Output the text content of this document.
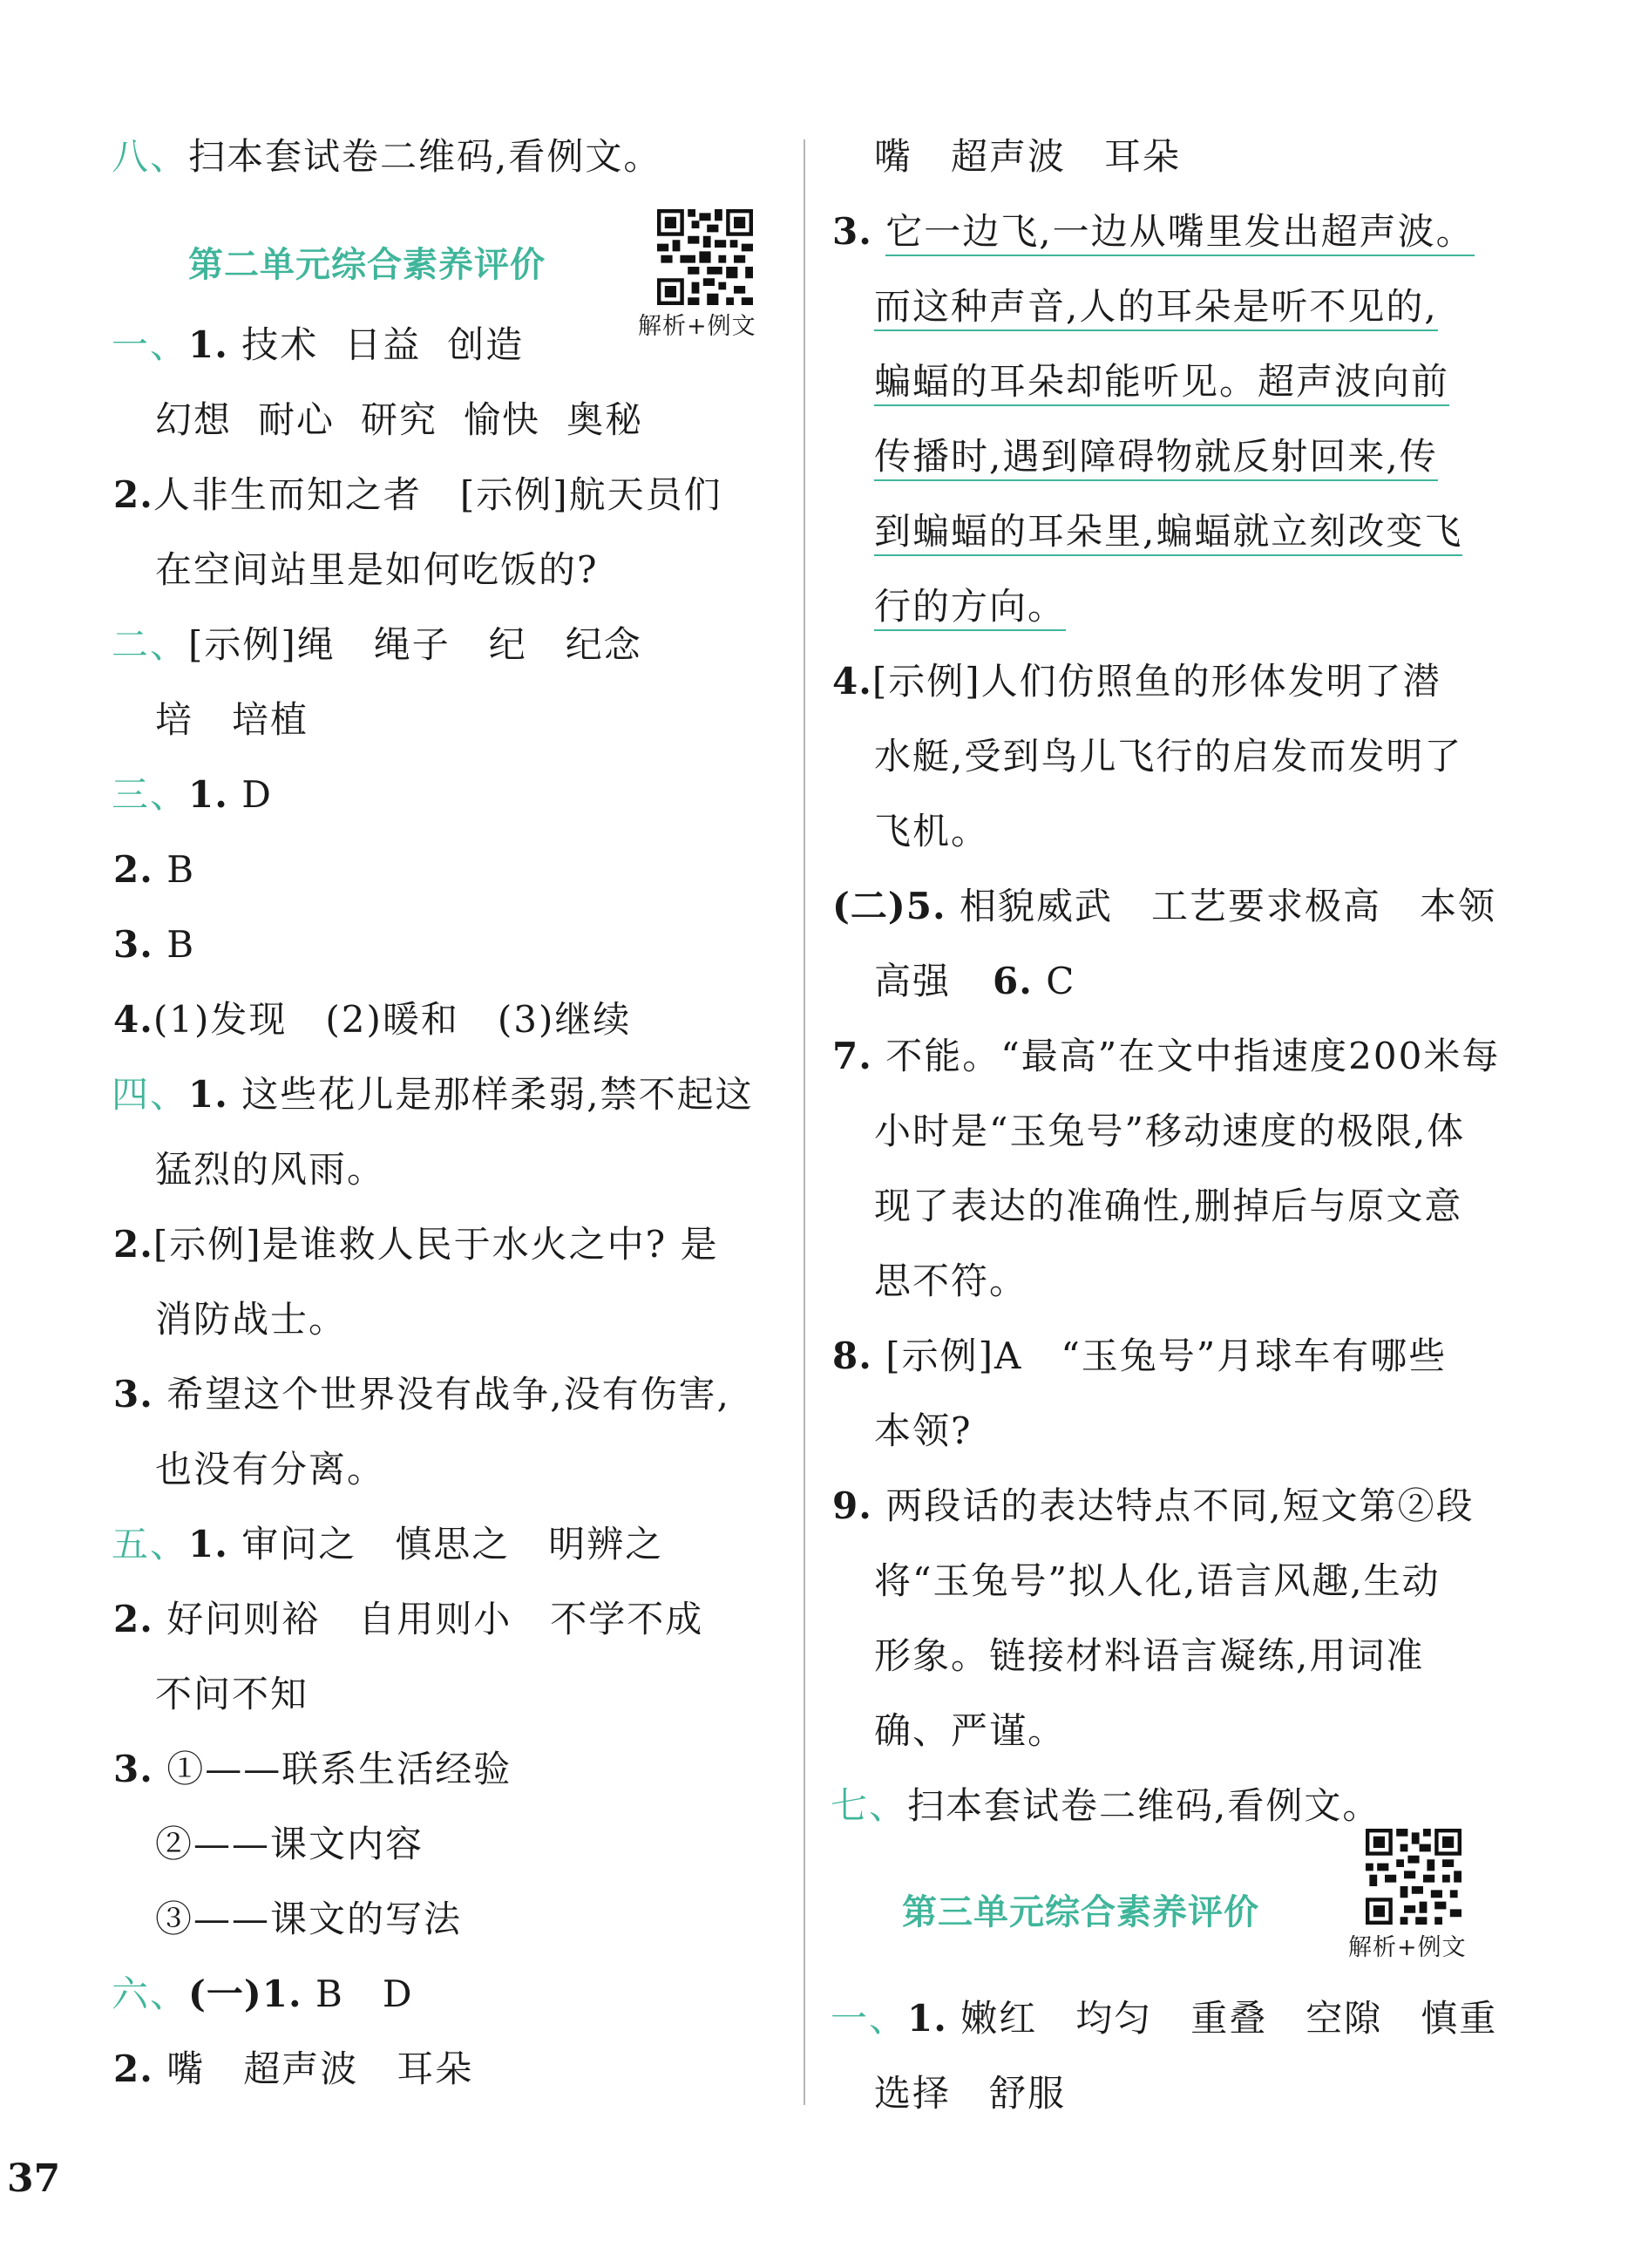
八、扫本套试卷二维码,看例文。
第二单元综合素养评价
解析+例文
一、1. 技术 日益 创造
幻想 耐心 研究 愉快 奥秘
2.人非生而知之者　[示例]航天员们
在空间站里是如何吃饭的?
二、[示例]绳　绳子　纪　纪念
培　培植
三、1. D
2. B
3. B
4.(1)发现　(2)暖和　(3)继续
四、1. 这些花儿是那样柔弱,禁不起这
猛烈的风雨。
2.[示例]是谁救人民于水火之中? 是
消防战士。
3. 希望这个世界没有战争,没有伤害,
也没有分离。
五、1. 审问之　慎思之　明辨之
2. 好问则裕　自用则小　不学不成
不问不知
3. ①——联系生活经验
②——课文内容
③——课文的写法
六、(一)1. B　D
2. 嘴　超声波　耳朵
嘴　超声波　耳朵
3. 它一边飞,一边从嘴里发出超声波。
而这种声音,人的耳朵是听不见的,
蝙蝠的耳朵却能听见。超声波向前
传播时,遇到障碍物就反射回来,传
到蝙蝠的耳朵里,蝙蝠就立刻改变飞
行的方向。
4.[示例]人们仿照鱼的形体发明了潜
水艇,受到鸟儿飞行的启发而发明了
飞机。
(二)5. 相貌威武　工艺要求极高　本领
高强 6. C
7. 不能。“最高”在文中指速度200米每
小时是“玉兔号”移动速度的极限,体
现了表达的准确性,删掉后与原文意
思不符。
8. [示例]A　“玉兔号”月球车有哪些
本领?
9. 两段话的表达特点不同,短文第②段
将“玉兔号”拟人化,语言风趣,生动
形象。链接材料语言凝练,用词准
确、严谨。
七、扫本套试卷二维码,看例文。
第三单元综合素养评价
解析+例文
一、1. 嫩红　均匀　重叠　空隙　慎重
选择　舒服
37
